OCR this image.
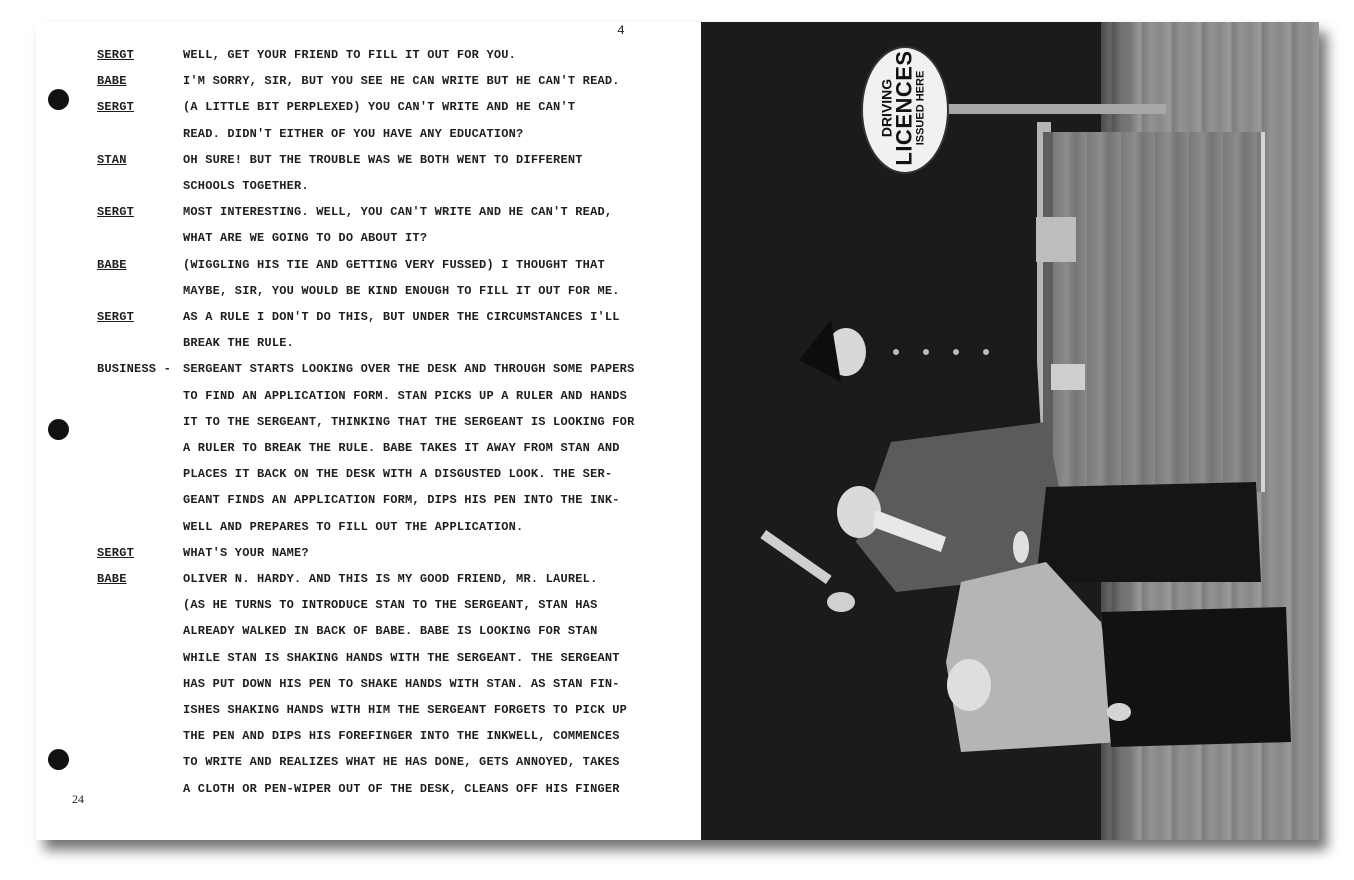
4
SERGT	WELL, GET YOUR FRIEND TO FILL IT OUT FOR YOU.
BABE	I'M SORRY, SIR, BUT YOU SEE HE CAN WRITE BUT HE CAN'T READ.
SERGT	(A LITTLE BIT PERPLEXED) YOU CAN'T WRITE AND HE CAN'T
READ. DIDN'T EITHER OF YOU HAVE ANY EDUCATION?
STAN	OH SURE! BUT THE TROUBLE WAS WE BOTH WENT TO DIFFERENT
SCHOOLS TOGETHER.
SERGT	MOST INTERESTING. WELL, YOU CAN'T WRITE AND HE CAN'T READ,
WHAT ARE WE GOING TO DO ABOUT IT?
BABE	(WIGGLING HIS TIE AND GETTING VERY FUSSED) I THOUGHT THAT
MAYBE, SIR, YOU WOULD BE KIND ENOUGH TO FILL IT OUT FOR ME.
SERGT	AS A RULE I DON'T DO THIS, BUT UNDER THE CIRCUMSTANCES I'LL
BREAK THE RULE.
BUSINESS - SERGEANT STARTS LOOKING OVER THE DESK AND THROUGH SOME PAPERS
TO FIND AN APPLICATION FORM. STAN PICKS UP A RULER AND HANDS
IT TO THE SERGEANT, THINKING THAT THE SERGEANT IS LOOKING FOR
A RULER TO BREAK THE RULE. BABE TAKES IT AWAY FROM STAN AND
PLACES IT BACK ON THE DESK WITH A DISGUSTED LOOK. THE SER-
GEANT FINDS AN APPLICATION FORM, DIPS HIS PEN INTO THE INK-
WELL AND PREPARES TO FILL OUT THE APPLICATION.
SERGT	WHAT'S YOUR NAME?
BABE	OLIVER N. HARDY. AND THIS IS MY GOOD FRIEND, MR. LAUREL.
(AS HE TURNS TO INTRODUCE STAN TO THE SERGEANT, STAN HAS
ALREADY WALKED IN BACK OF BABE. BABE IS LOOKING FOR STAN
WHILE STAN IS SHAKING HANDS WITH THE SERGEANT. THE SERGEANT
HAS PUT DOWN HIS PEN TO SHAKE HANDS WITH STAN. AS STAN FIN-
ISHES SHAKING HANDS WITH HIM THE SERGEANT FORGETS TO PICK UP
THE PEN AND DIPS HIS FOREFINGER INTO THE INKWELL, COMMENCES
TO WRITE AND REALIZES WHAT HE HAS DONE, GETS ANNOYED, TAKES
A CLOTH OR PEN-WIPER OUT OF THE DESK, CLEANS OFF HIS FINGER
24
DRIVING
LICENCES
ISSUED HERE
